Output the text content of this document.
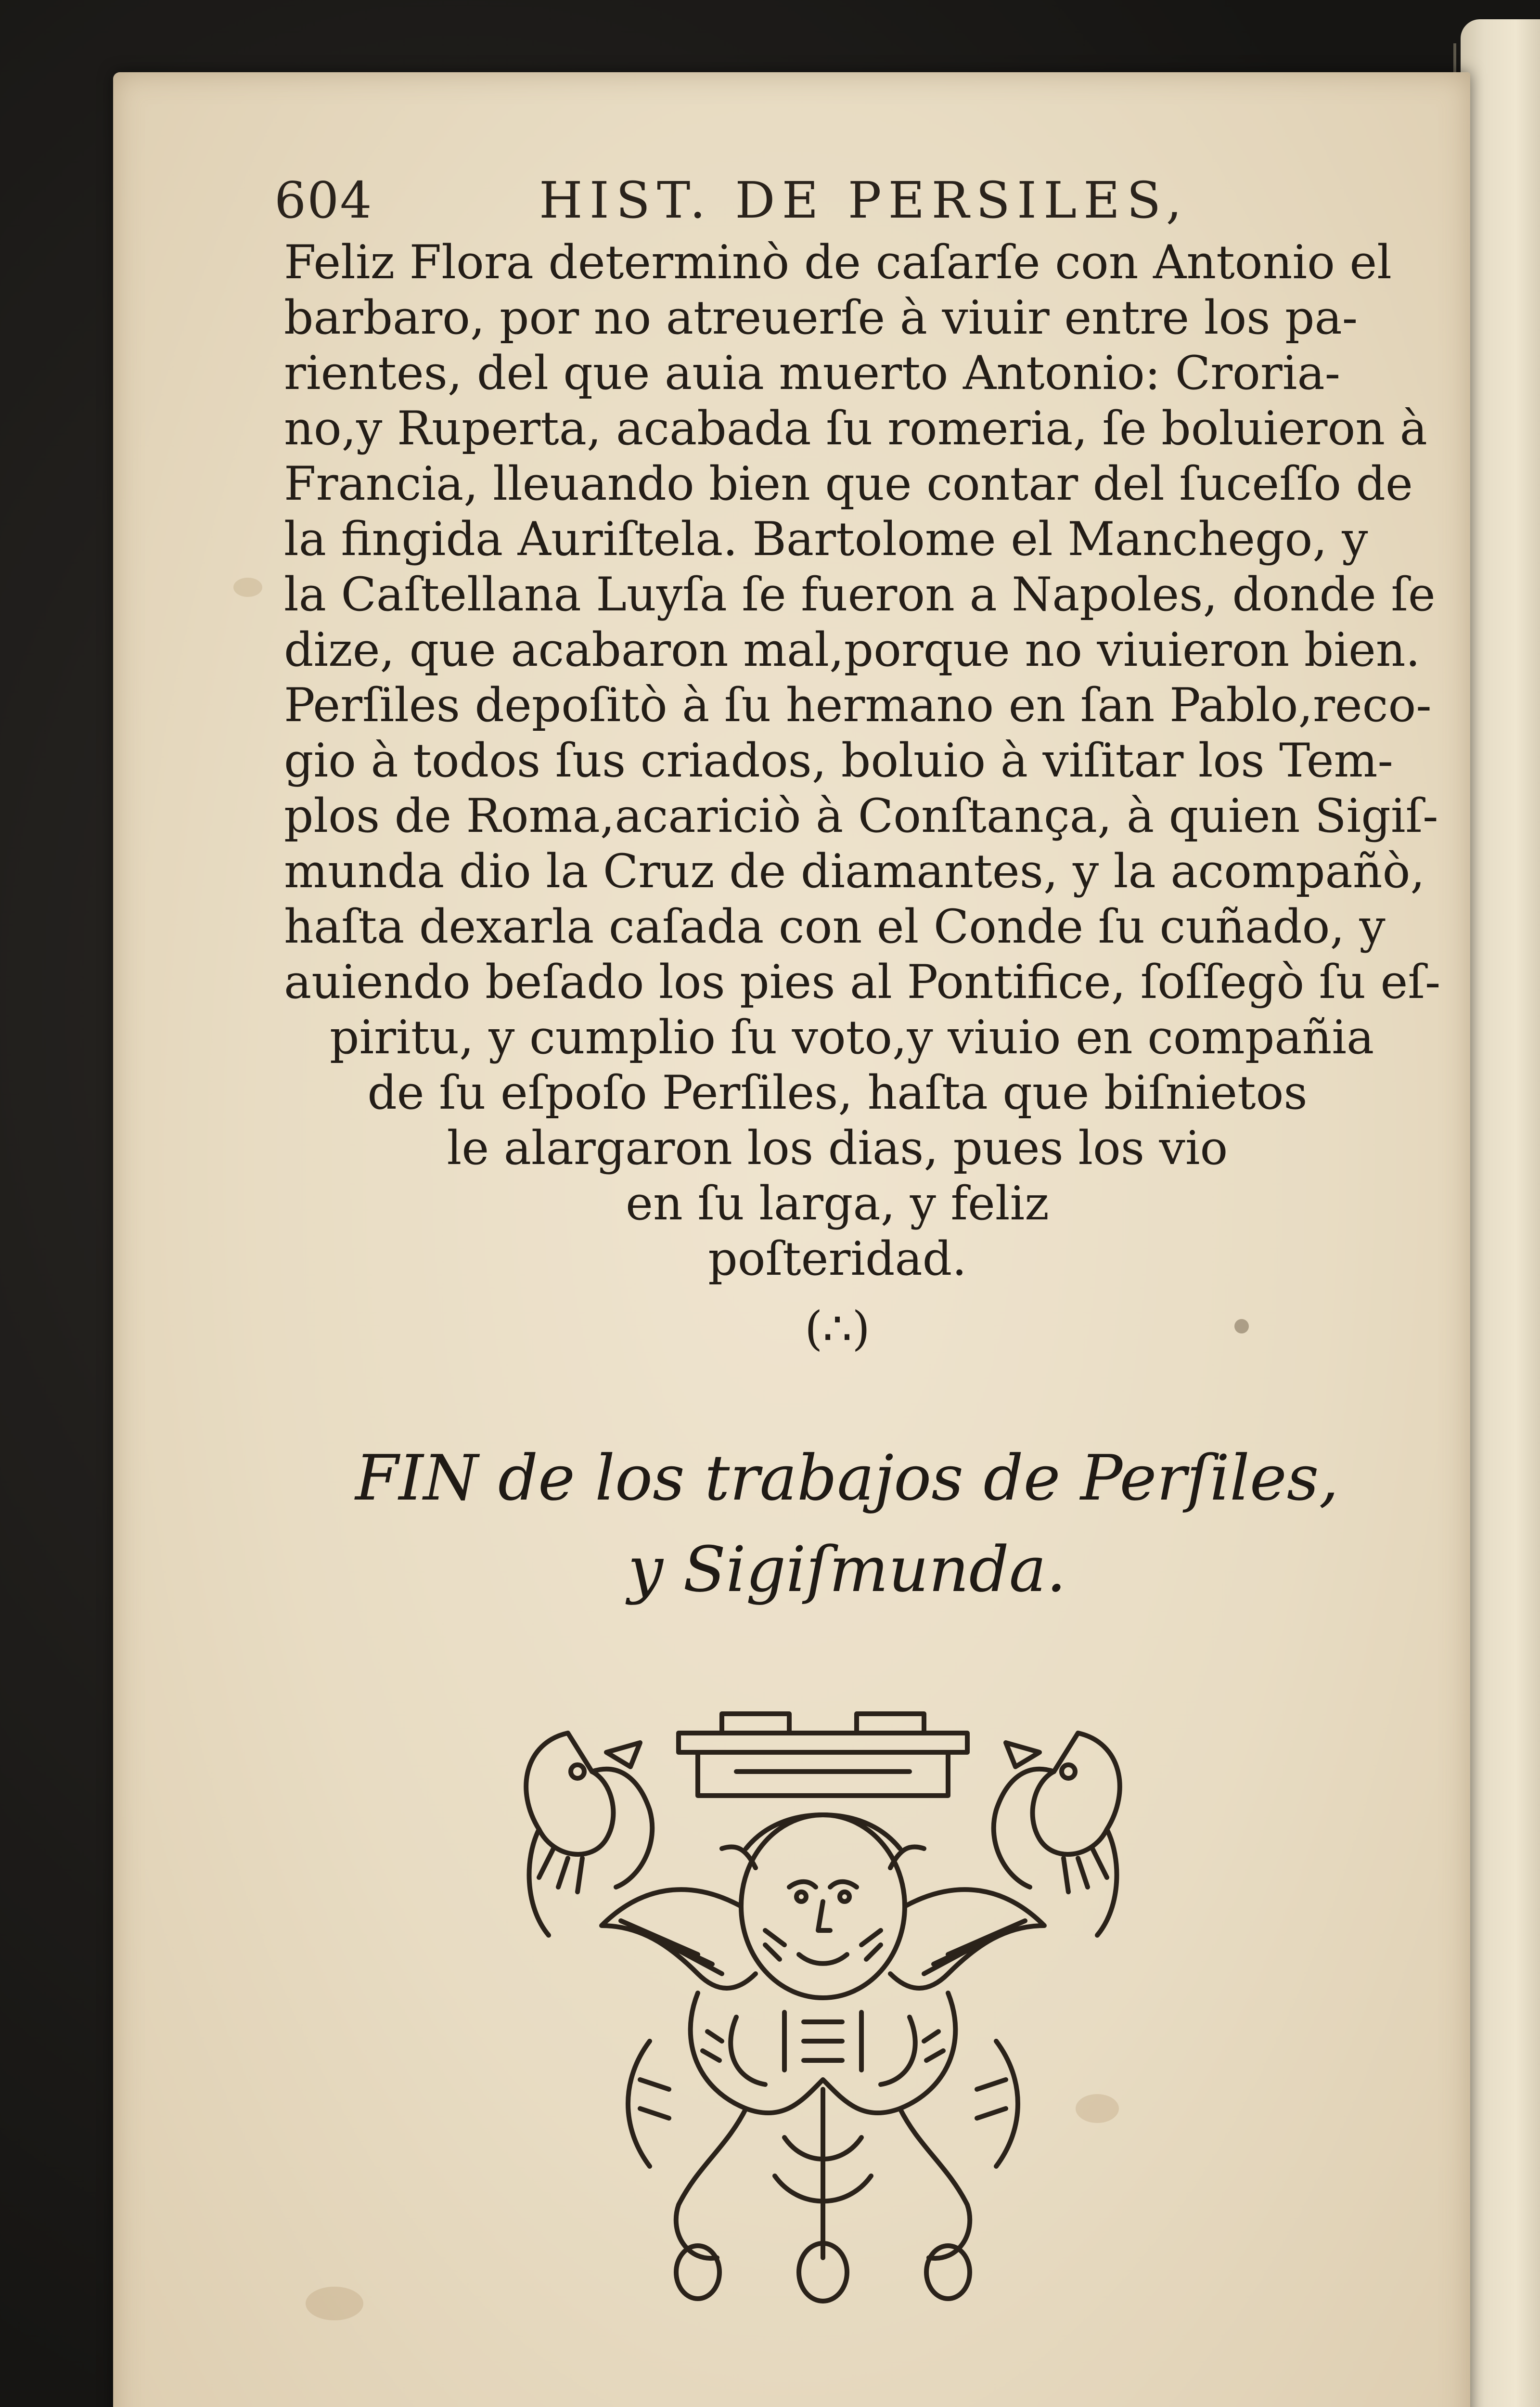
604	HIST. DE PERSILES,
Feliz Flora determinò de caſarſe con Antonio el
barbaro, por no atreuerſe à viuir entre los pa-
rientes, del que auia muerto Antonio: Croria-
no,y Ruperta, acabada ſu romeria, ſe boluieron à
Francia, lleuando bien que contar del ſuceſſo de
la fingida Auriſtela. Bartolome el Manchego, y
la Caſtellana Luyſa ſe fueron a Napoles, donde ſe
dize, que acabaron mal,porque no viuieron bien.
Perſiles depoſitò à ſu hermano en ſan Pablo,reco-
gio à todos ſus criados, boluio à viſitar los Tem-
plos de Roma,acariciò à Conſtança, à quien Sigiſ-
munda dio la Cruz de diamantes, y la acompañò,
haſta dexarla caſada con el Conde ſu cuñado, y
auiendo beſado los pies al Pontifice, ſoſſegò ſu eſ-
piritu, y cumplio ſu voto,y viuio en compañia
de ſu eſpoſo Perſiles, haſta que biſnietos
le alargaron los dias, pues los vio
en ſu larga, y feliz
poſteridad.
(∴)
FIN de los trabajos de Perſiles,
y Sigiſmunda.
